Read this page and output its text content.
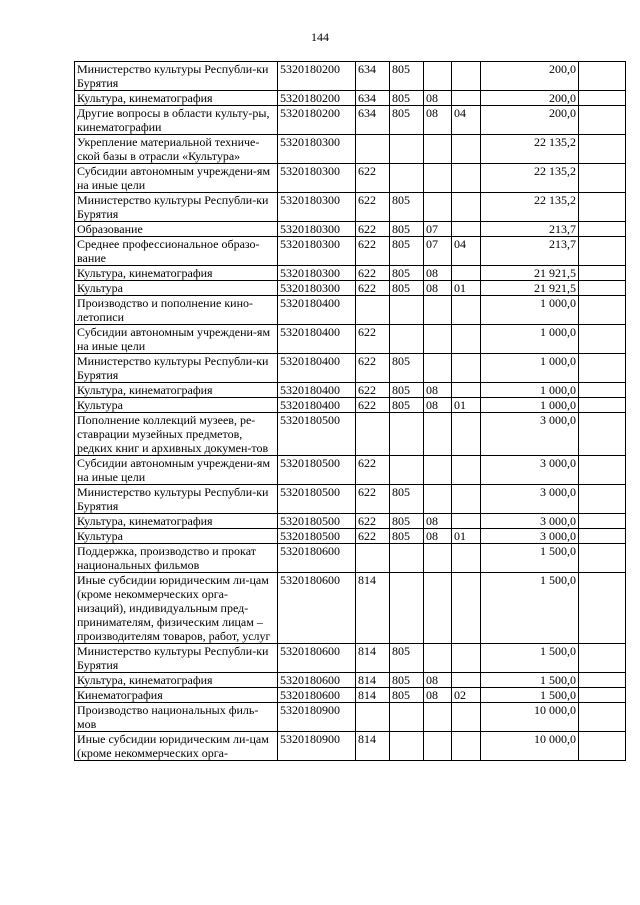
144
Министерство культуры Республи-ки Бурятия	5320180200	634	805			200,0	
Культура, кинематография	5320180200	634	805	08		200,0	
Другие вопросы в области культу-ры, кинематографии	5320180200	634	805	08	04	200,0	
Укрепление материальной техниче-ской базы в отрасли «Культура»	5320180300					22 135,2	
Субсидии автономным учреждени-ям на иные цели	5320180300	622				22 135,2	
Министерство культуры Республи-ки Бурятия	5320180300	622	805			22 135,2	
Образование	5320180300	622	805	07		213,7	
Среднее профессиональное образо-вание	5320180300	622	805	07	04	213,7	
Культура, кинематография	5320180300	622	805	08		21 921,5	
Культура	5320180300	622	805	08	01	21 921,5	
Производство и пополнение кино-летописи	5320180400					1 000,0	
Субсидии автономным учреждени-ям на иные цели	5320180400	622				1 000,0	
Министерство культуры Республи-ки Бурятия	5320180400	622	805			1 000,0	
Культура, кинематография	5320180400	622	805	08		1 000,0	
Культура	5320180400	622	805	08	01	1 000,0	
Пополнение коллекций музеев, ре-ставрации музейных предметов, редких книг и архивных докумен-тов	5320180500					3 000,0	
Субсидии автономным учреждени-ям на иные цели	5320180500	622				3 000,0	
Министерство культуры Республи-ки Бурятия	5320180500	622	805			3 000,0	
Культура, кинематография	5320180500	622	805	08		3 000,0	
Культура	5320180500	622	805	08	01	3 000,0	
Поддержка, производство и прокат национальных фильмов	5320180600					1 500,0	
Иные субсидии юридическим ли-цам (кроме некоммерческих орга-низаций), индивидуальным пред-принимателям, физическим лицам – производителям товаров, работ, услуг	5320180600	814				1 500,0	
Министерство культуры Республи-ки Бурятия	5320180600	814	805			1 500,0	
Культура, кинематография	5320180600	814	805	08		1 500,0	
Кинематография	5320180600	814	805	08	02	1 500,0	
Производство национальных филь-мов	5320180900					10 000,0	
Иные субсидии юридическим ли-цам (кроме некоммерческих орга-	5320180900	814				10 000,0	
